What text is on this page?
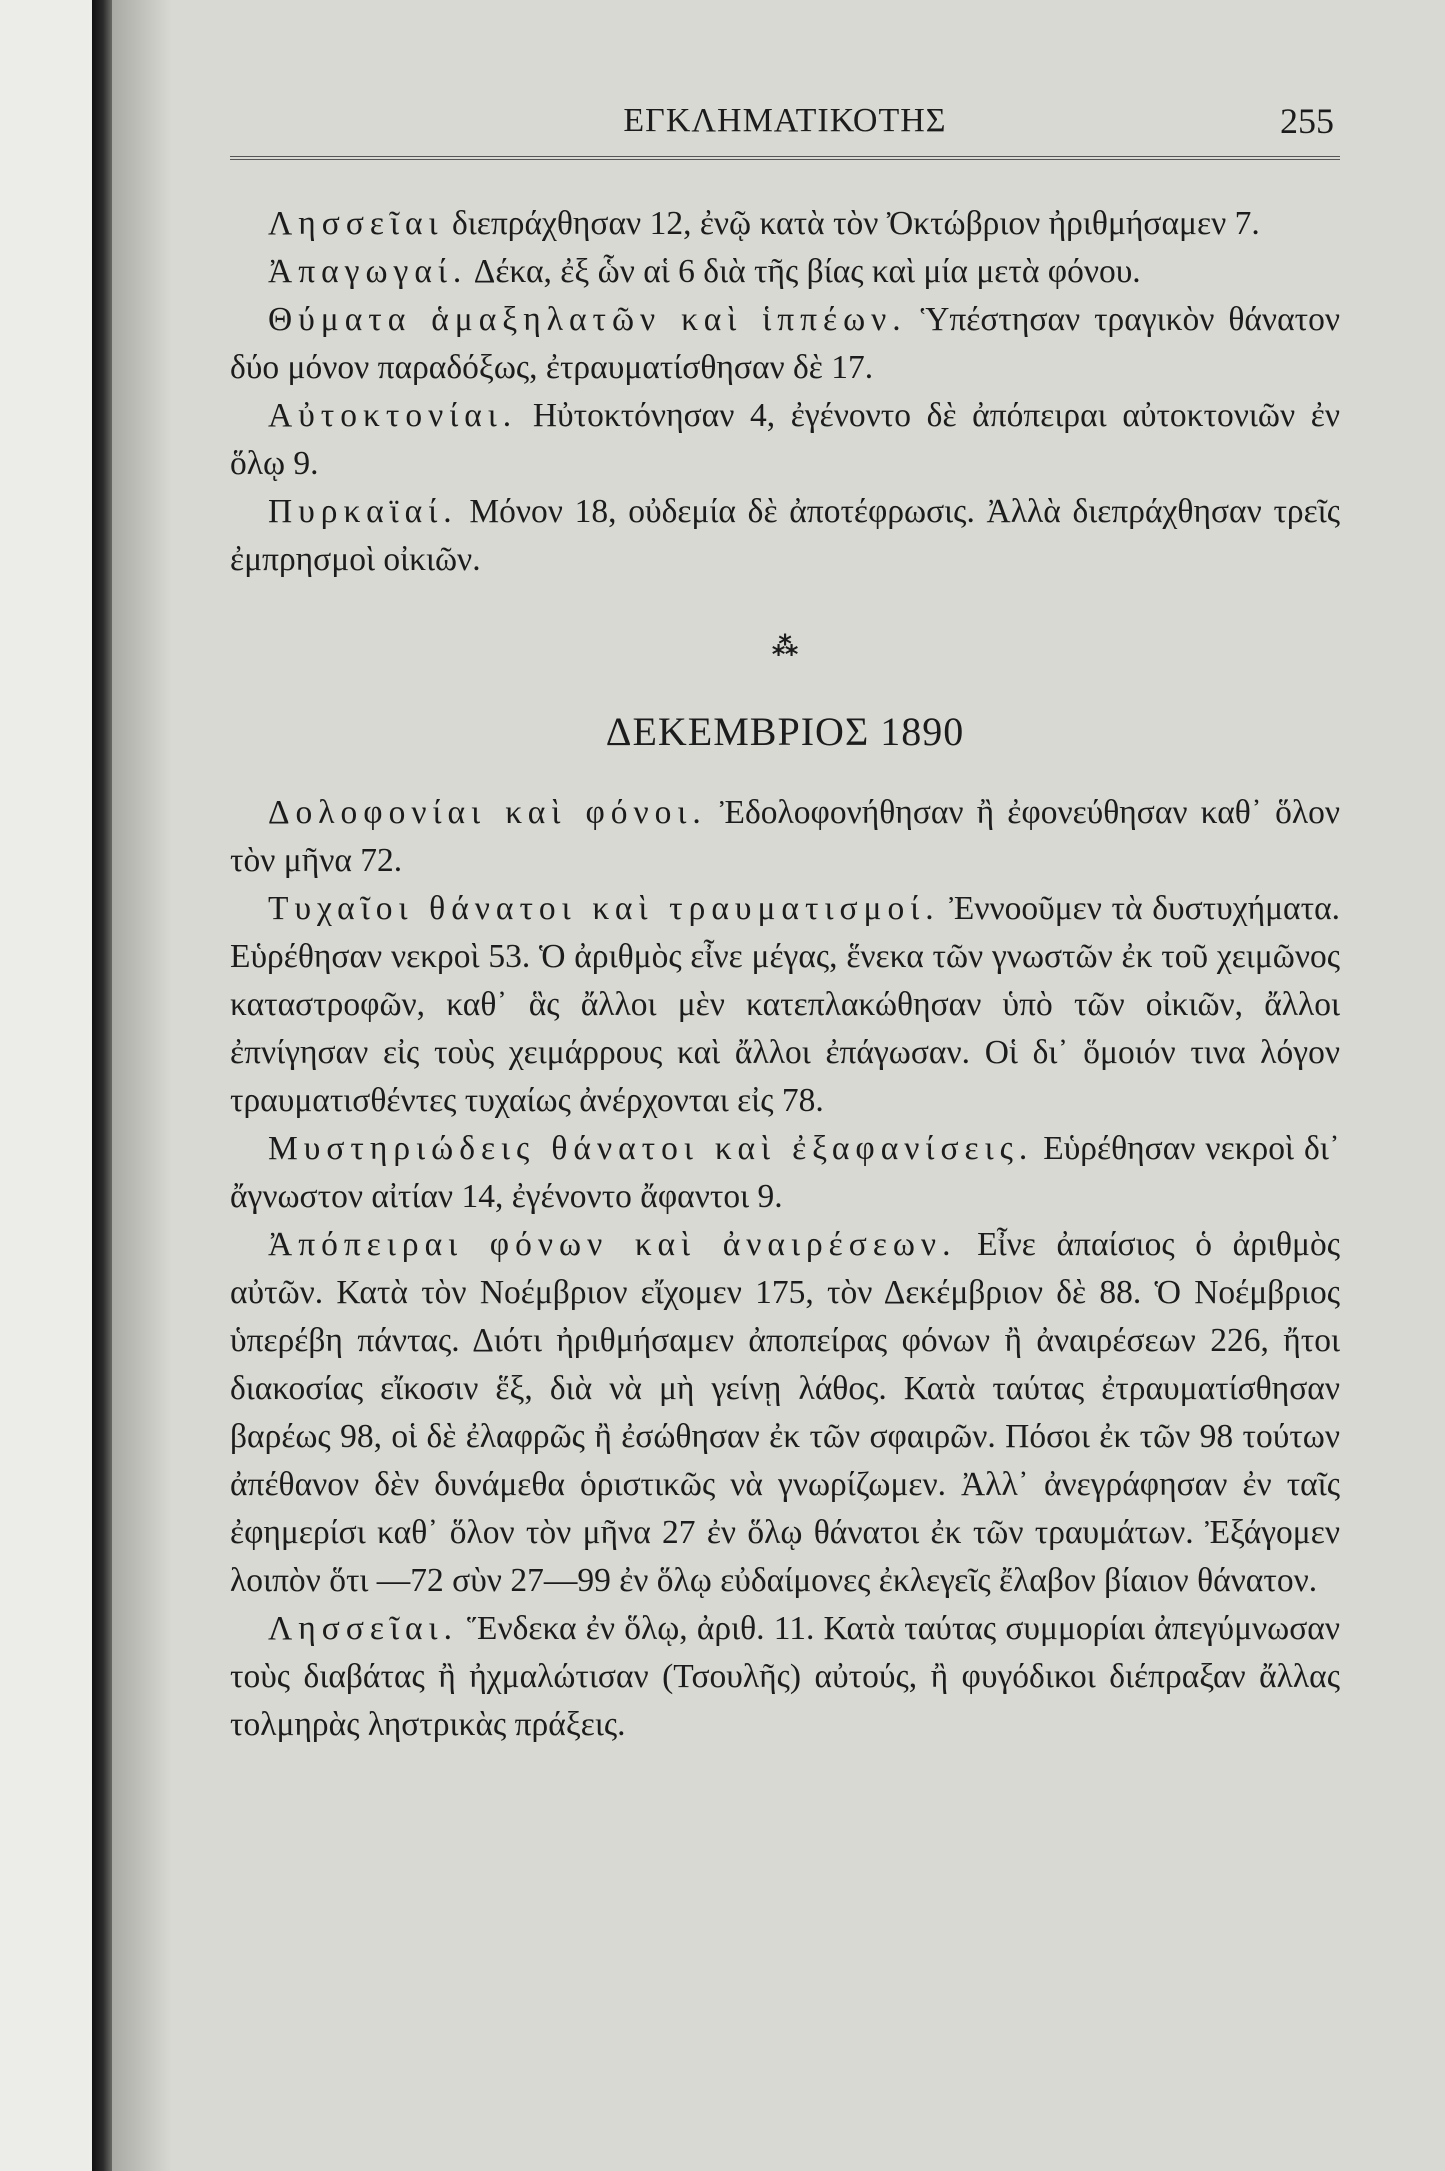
ΕΓΚΛΗΜΑΤΙΚΟΤΗΣ	255

Λησσεῖαι διεπράχθησαν 12, ἐνῷ κατὰ τὸν Ὀκτώβριον ἠριθμήσαμεν 7.

Ἀπαγωγαί. Δέκα, ἐξ ὧν αἱ 6 διὰ τῆς βίας καὶ μία μετὰ φόνου.

Θύματα ἁμαξηλατῶν καὶ ἱππέων. Ὑπέστησαν τραγικὸν θάνατον δύο μόνον παραδόξως, ἐτραυματίσθησαν δὲ 17.

Αὐτοκτονίαι. Ηὐτοκτόνησαν 4, ἐγένοντο δὲ ἀπόπειραι αὐτοκτονιῶν ἐν ὅλῳ 9.

Πυρκαϊαί. Μόνον 18, οὐδεμία δὲ ἀποτέφρωσις. Ἀλλὰ διεπράχθησαν τρεῖς ἐμπρησμοὶ οἰκιῶν.

⁂
ΔΕΚΕΜΒΡΙΟΣ 1890

Δολοφονίαι καὶ φόνοι. Ἐδολοφονήθησαν ἢ ἐφονεύθησαν καθ᾽ ὅλον τὸν μῆνα 72.

Τυχαῖοι θάνατοι καὶ τραυματισμοί. Ἐννοοῦμεν τὰ δυστυχήματα. Εὑρέθησαν νεκροὶ 53. Ὁ ἀριθμὸς εἶνε μέγας, ἕνεκα τῶν γνωστῶν ἐκ τοῦ χειμῶνος καταστροφῶν, καθ᾽ ἃς ἄλλοι μὲν κατεπλακώθησαν ὑπὸ τῶν οἰκιῶν, ἄλλοι ἐπνίγησαν εἰς τοὺς χειμάρρους καὶ ἄλλοι ἐπάγωσαν. Οἱ δι᾽ ὅμοιόν τινα λόγον τραυματισθέντες τυχαίως ἀνέρχονται εἰς 78.

Μυστηριώδεις θάνατοι καὶ ἐξαφανίσεις. Εὑρέθησαν νεκροὶ δι᾽ ἄγνωστον αἰτίαν 14, ἐγένοντο ἄφαντοι 9.

Ἀπόπειραι φόνων καὶ ἀναιρέσεων. Εἶνε ἀπαίσιος ὁ ἀριθμὸς αὐτῶν. Κατὰ τὸν Νοέμβριον εἴχομεν 175, τὸν Δεκέμβριον δὲ 88. Ὁ Νοέμβριος ὑπερέβη πάντας. Διότι ἠριθμήσαμεν ἀποπείρας φόνων ἢ ἀναιρέσεων 226, ἤτοι διακοσίας εἴκοσιν ἕξ, διὰ νὰ μὴ γείνῃ λάθος. Κατὰ ταύτας ἐτραυματίσθησαν βαρέως 98, οἱ δὲ ἐλαφρῶς ἢ ἐσώθησαν ἐκ τῶν σφαιρῶν. Πόσοι ἐκ τῶν 98 τούτων ἀπέθανον δὲν δυνάμεθα ὁριστικῶς νὰ γνωρίζωμεν. Ἀλλ᾽ ἀνεγράφησαν ἐν ταῖς ἐφημερίσι καθ᾽ ὅλον τὸν μῆνα 27 ἐν ὅλῳ θάνατοι ἐκ τῶν τραυμάτων. Ἐξάγομεν λοιπὸν ὅτι —72 σὺν 27—99 ἐν ὅλῳ εὐδαίμονες ἐκλεγεῖς ἔλαβον βίαιον θάνατον.

Λησσεῖαι. Ἕνδεκα ἐν ὅλῳ, ἀριθ. 11. Κατὰ ταύτας συμμορίαι ἀπεγύμνωσαν τοὺς διαβάτας ἢ ἠχμαλώτισαν (Τσουλῆς) αὐτούς, ἢ φυγόδικοι διέπραξαν ἄλλας τολμηρὰς ληστρικὰς πράξεις.
